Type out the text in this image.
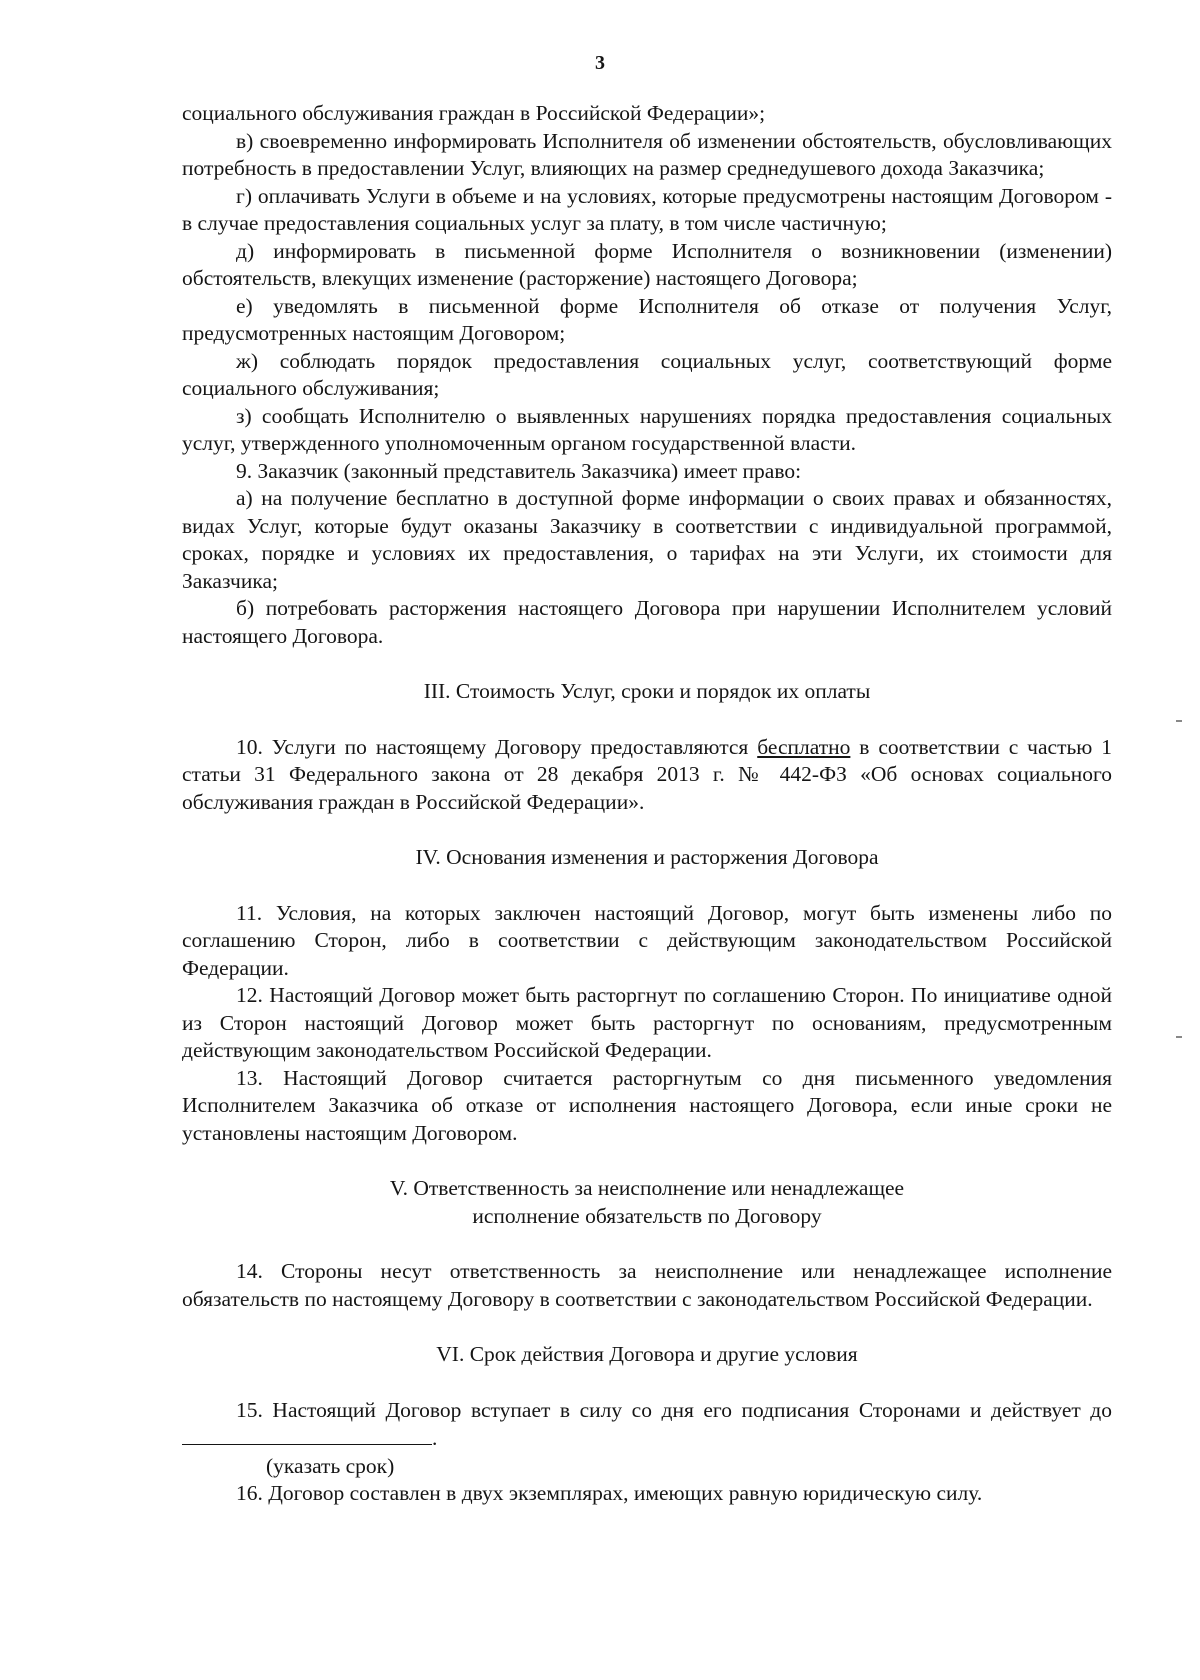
3

социального обслуживания граждан в Российской Федерации»;

в) своевременно информировать Исполнителя об изменении обстоятельств, обусловливающих потребность в предоставлении Услуг, влияющих на размер среднедушевого дохода Заказчика;

г) оплачивать Услуги в объеме и на условиях, которые предусмотрены настоящим Договором - в случае предоставления социальных услуг за плату, в том числе частичную;

д) информировать в письменной форме Исполнителя о возникновении (изменении) обстоятельств, влекущих изменение (расторжение) настоящего Договора;

е) уведомлять в письменной форме Исполнителя об отказе от получения Услуг, предусмотренных настоящим Договором;

ж) соблюдать порядок предоставления социальных услуг, соответствующий форме социального обслуживания;

з) сообщать Исполнителю о выявленных нарушениях порядка предоставления социальных услуг, утвержденного уполномоченным органом государственной власти.

9. Заказчик (законный представитель Заказчика) имеет право:

а) на получение бесплатно в доступной форме информации о своих правах и обязанностях, видах Услуг, которые будут оказаны Заказчику в соответствии с индивидуальной программой, сроках, порядке и условиях их предоставления, о тарифах на эти Услуги, их стоимости для Заказчика;

б) потребовать расторжения настоящего Договора при нарушении Исполнителем условий настоящего Договора.

III. Стоимость Услуг, сроки и порядок их оплаты

10. Услуги по настоящему Договору предоставляются бесплатно в соответствии с частью 1 статьи 31 Федерального закона от 28 декабря 2013 г. № 442-ФЗ «Об основах социального обслуживания граждан в Российской Федерации».

IV. Основания изменения и расторжения Договора

11. Условия, на которых заключен настоящий Договор, могут быть изменены либо по соглашению Сторон, либо в соответствии с действующим законодательством Российской Федерации.

12. Настоящий Договор может быть расторгнут по соглашению Сторон. По инициативе одной из Сторон настоящий Договор может быть расторгнут по основаниям, предусмотренным действующим законодательством Российской Федерации.

13. Настоящий Договор считается расторгнутым со дня письменного уведомления Исполнителем Заказчика об отказе от исполнения настоящего Договора, если иные сроки не установлены настоящим Договором.

V. Ответственность за неисполнение или ненадлежащее

исполнение обязательств по Договору

14. Стороны несут ответственность за неисполнение или ненадлежащее исполнение обязательств по настоящему Договору в соответствии с законодательством Российской Федерации.

VI. Срок действия Договора и другие условия

15. Настоящий Договор вступает в силу со дня его подписания Сторонами и действует до .

(указать срок)

16. Договор составлен в двух экземплярах, имеющих равную юридическую силу.
